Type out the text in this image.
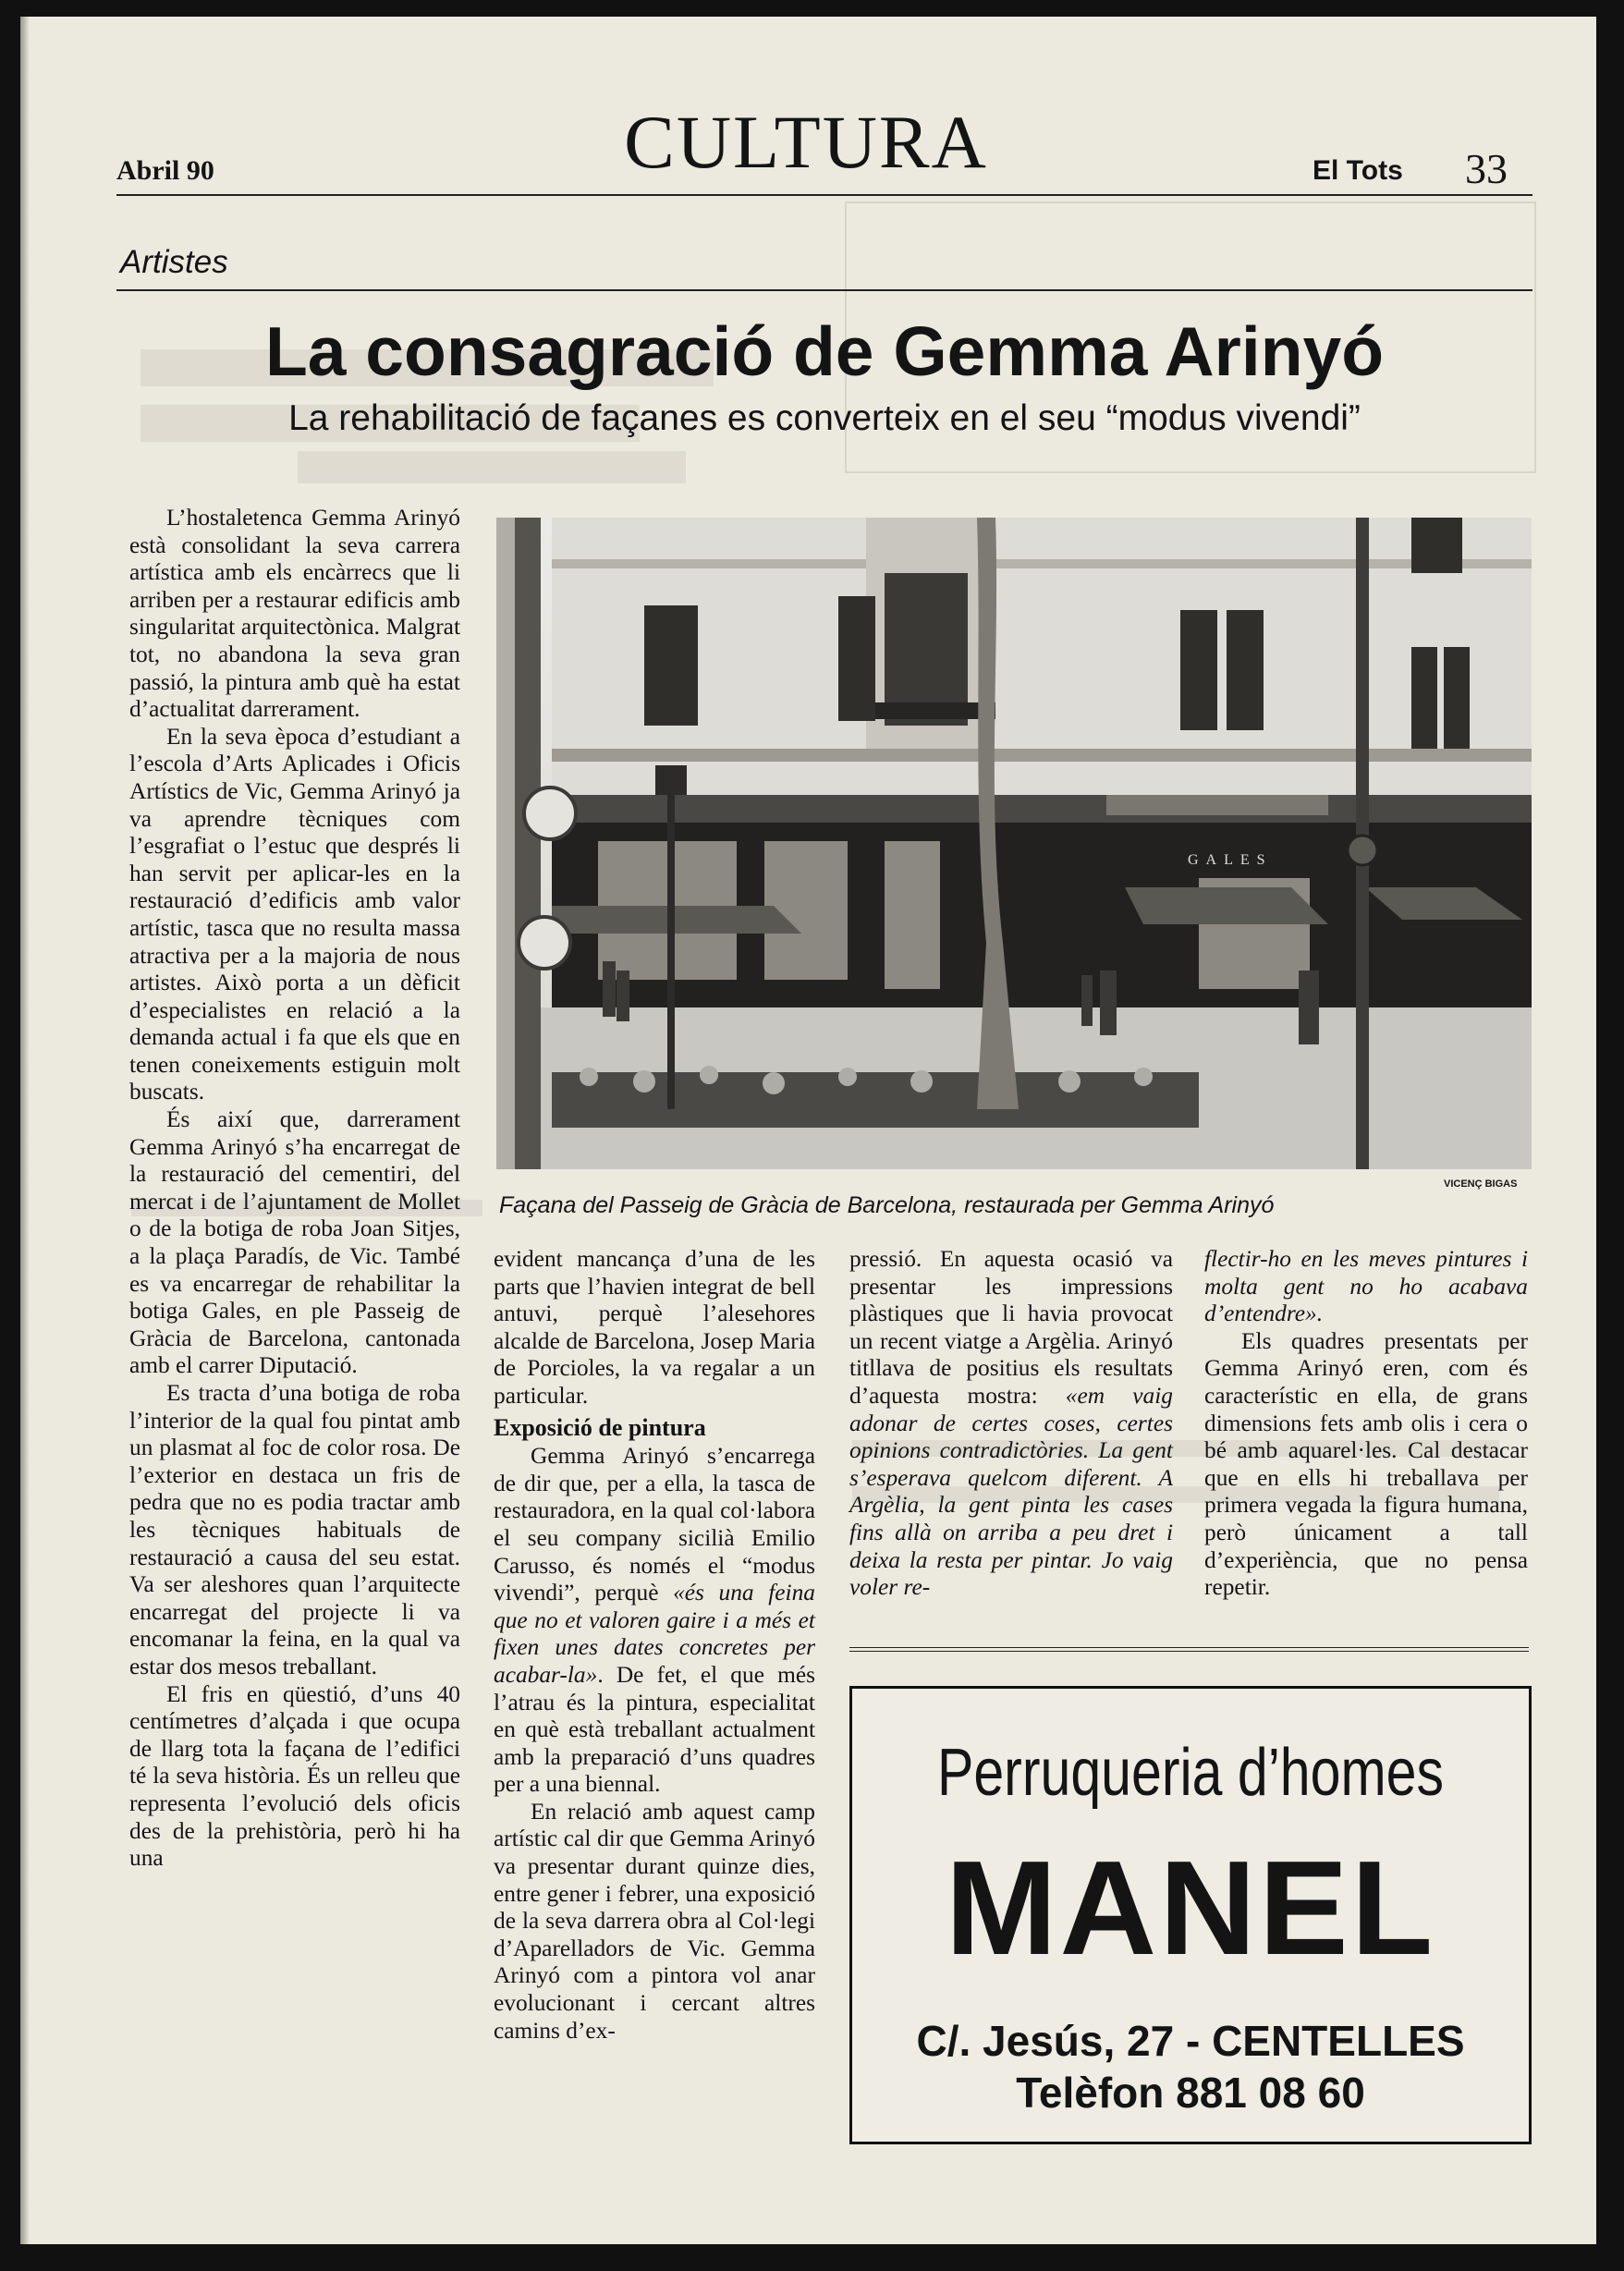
Abril 90	CULTURA	El Tots 33
Artistes
La consagració de Gemma Arinyó
La rehabilitació de façanes es converteix en el seu “modus vivendi”

L’hostaletenca Gemma Arinyó està consolidant la seva carrera artística amb els encàrrecs que li arriben per a restaurar edificis amb singularitat arquitectònica. Malgrat tot, no abandona la seva gran passió, la pintura amb què ha estat d’actualitat darrerament.

En la seva època d’estudiant a l’escola d’Arts Aplicades i Oficis Artístics de Vic, Gemma Arinyó ja va aprendre tècniques com l’esgrafiat o l’estuc que després li han servit per aplicar-les en la restauració d’edificis amb valor artístic, tasca que no resulta massa atractiva per a la majoria de nous artistes. Això porta a un dèficit d’especialistes en relació a la demanda actual i fa que els que en tenen coneixements estiguin molt buscats.

És així que, darrerament Gemma Arinyó s’ha encarregat de la restauració del cementiri, del mercat i de l’ajuntament de Mollet o de la botiga de roba Joan Sitjes, a la plaça Paradís, de Vic. També es va encarregar de rehabilitar la botiga Gales, en ple Passeig de Gràcia de Barcelona, cantonada amb el carrer Diputació.

Es tracta d’una botiga de roba l’interior de la qual fou pintat amb un plasmat al foc de color rosa. De l’exterior en destaca un fris de pedra que no es podia tractar amb les tècniques habituals de restauració a causa del seu estat. Va ser aleshores quan l’arquitecte encarregat del projecte li va encomanar la feina, en la qual va estar dos mesos treballant.

El fris en qüestió, d’uns 40 centímetres d’alçada i que ocupa de llarg tota la façana de l’edifici té la seva història. És un relleu que representa l’evolució dels oficis des de la prehistòria, però hi ha una

GALES
VICENÇ BIGAS
Façana del Passeig de Gràcia de Barcelona, restaurada per Gemma Arinyó

evident mancança d’una de les parts que l’havien integrat de bell antuvi, perquè l’alesehores alcalde de Barcelona, Josep Maria de Porcioles, la va regalar a un particular.

Exposició de pintura

Gemma Arinyó s’encarrega de dir que, per a ella, la tasca de restauradora, en la qual col·labora el seu company sicilià Emilio Carusso, és només el “modus vivendi”, perquè «és una feina que no et valoren gaire i a més et fixen unes dates concretes per acabar-la». De fet, el que més l’atrau és la pintura, especialitat en què està treballant actualment amb la preparació d’uns quadres per a una biennal.

En relació amb aquest camp artístic cal dir que Gemma Arinyó va presentar durant quinze dies, entre gener i febrer, una exposició de la seva darrera obra al Col·legi d’Aparelladors de Vic. Gemma Arinyó com a pintora vol anar evolucionant i cercant altres camins d’ex-

pressió. En aquesta ocasió va presentar les impressions plàstiques que li havia provocat un recent viatge a Argèlia. Arinyó titllava de positius els resultats d’aquesta mostra: «em vaig adonar de certes coses, certes opinions contradictòries. La gent s’esperava quelcom diferent. A Argèlia, la gent pinta les cases fins allà on arriba a peu dret i deixa la resta per pintar. Jo vaig voler re-

flectir-ho en les meves pintures i molta gent no ho acabava d’entendre».

Els quadres presentats per Gemma Arinyó eren, com és característic en ella, de grans dimensions fets amb olis i cera o bé amb aquarel·les. Cal destacar que en ells hi treballava per primera vegada la figura humana, però únicament a tall d’experiència, que no pensa repetir.

Perruqueria d’homes
MANEL
C/. Jesús, 27 - CENTELLES
Telèfon 881 08 60
